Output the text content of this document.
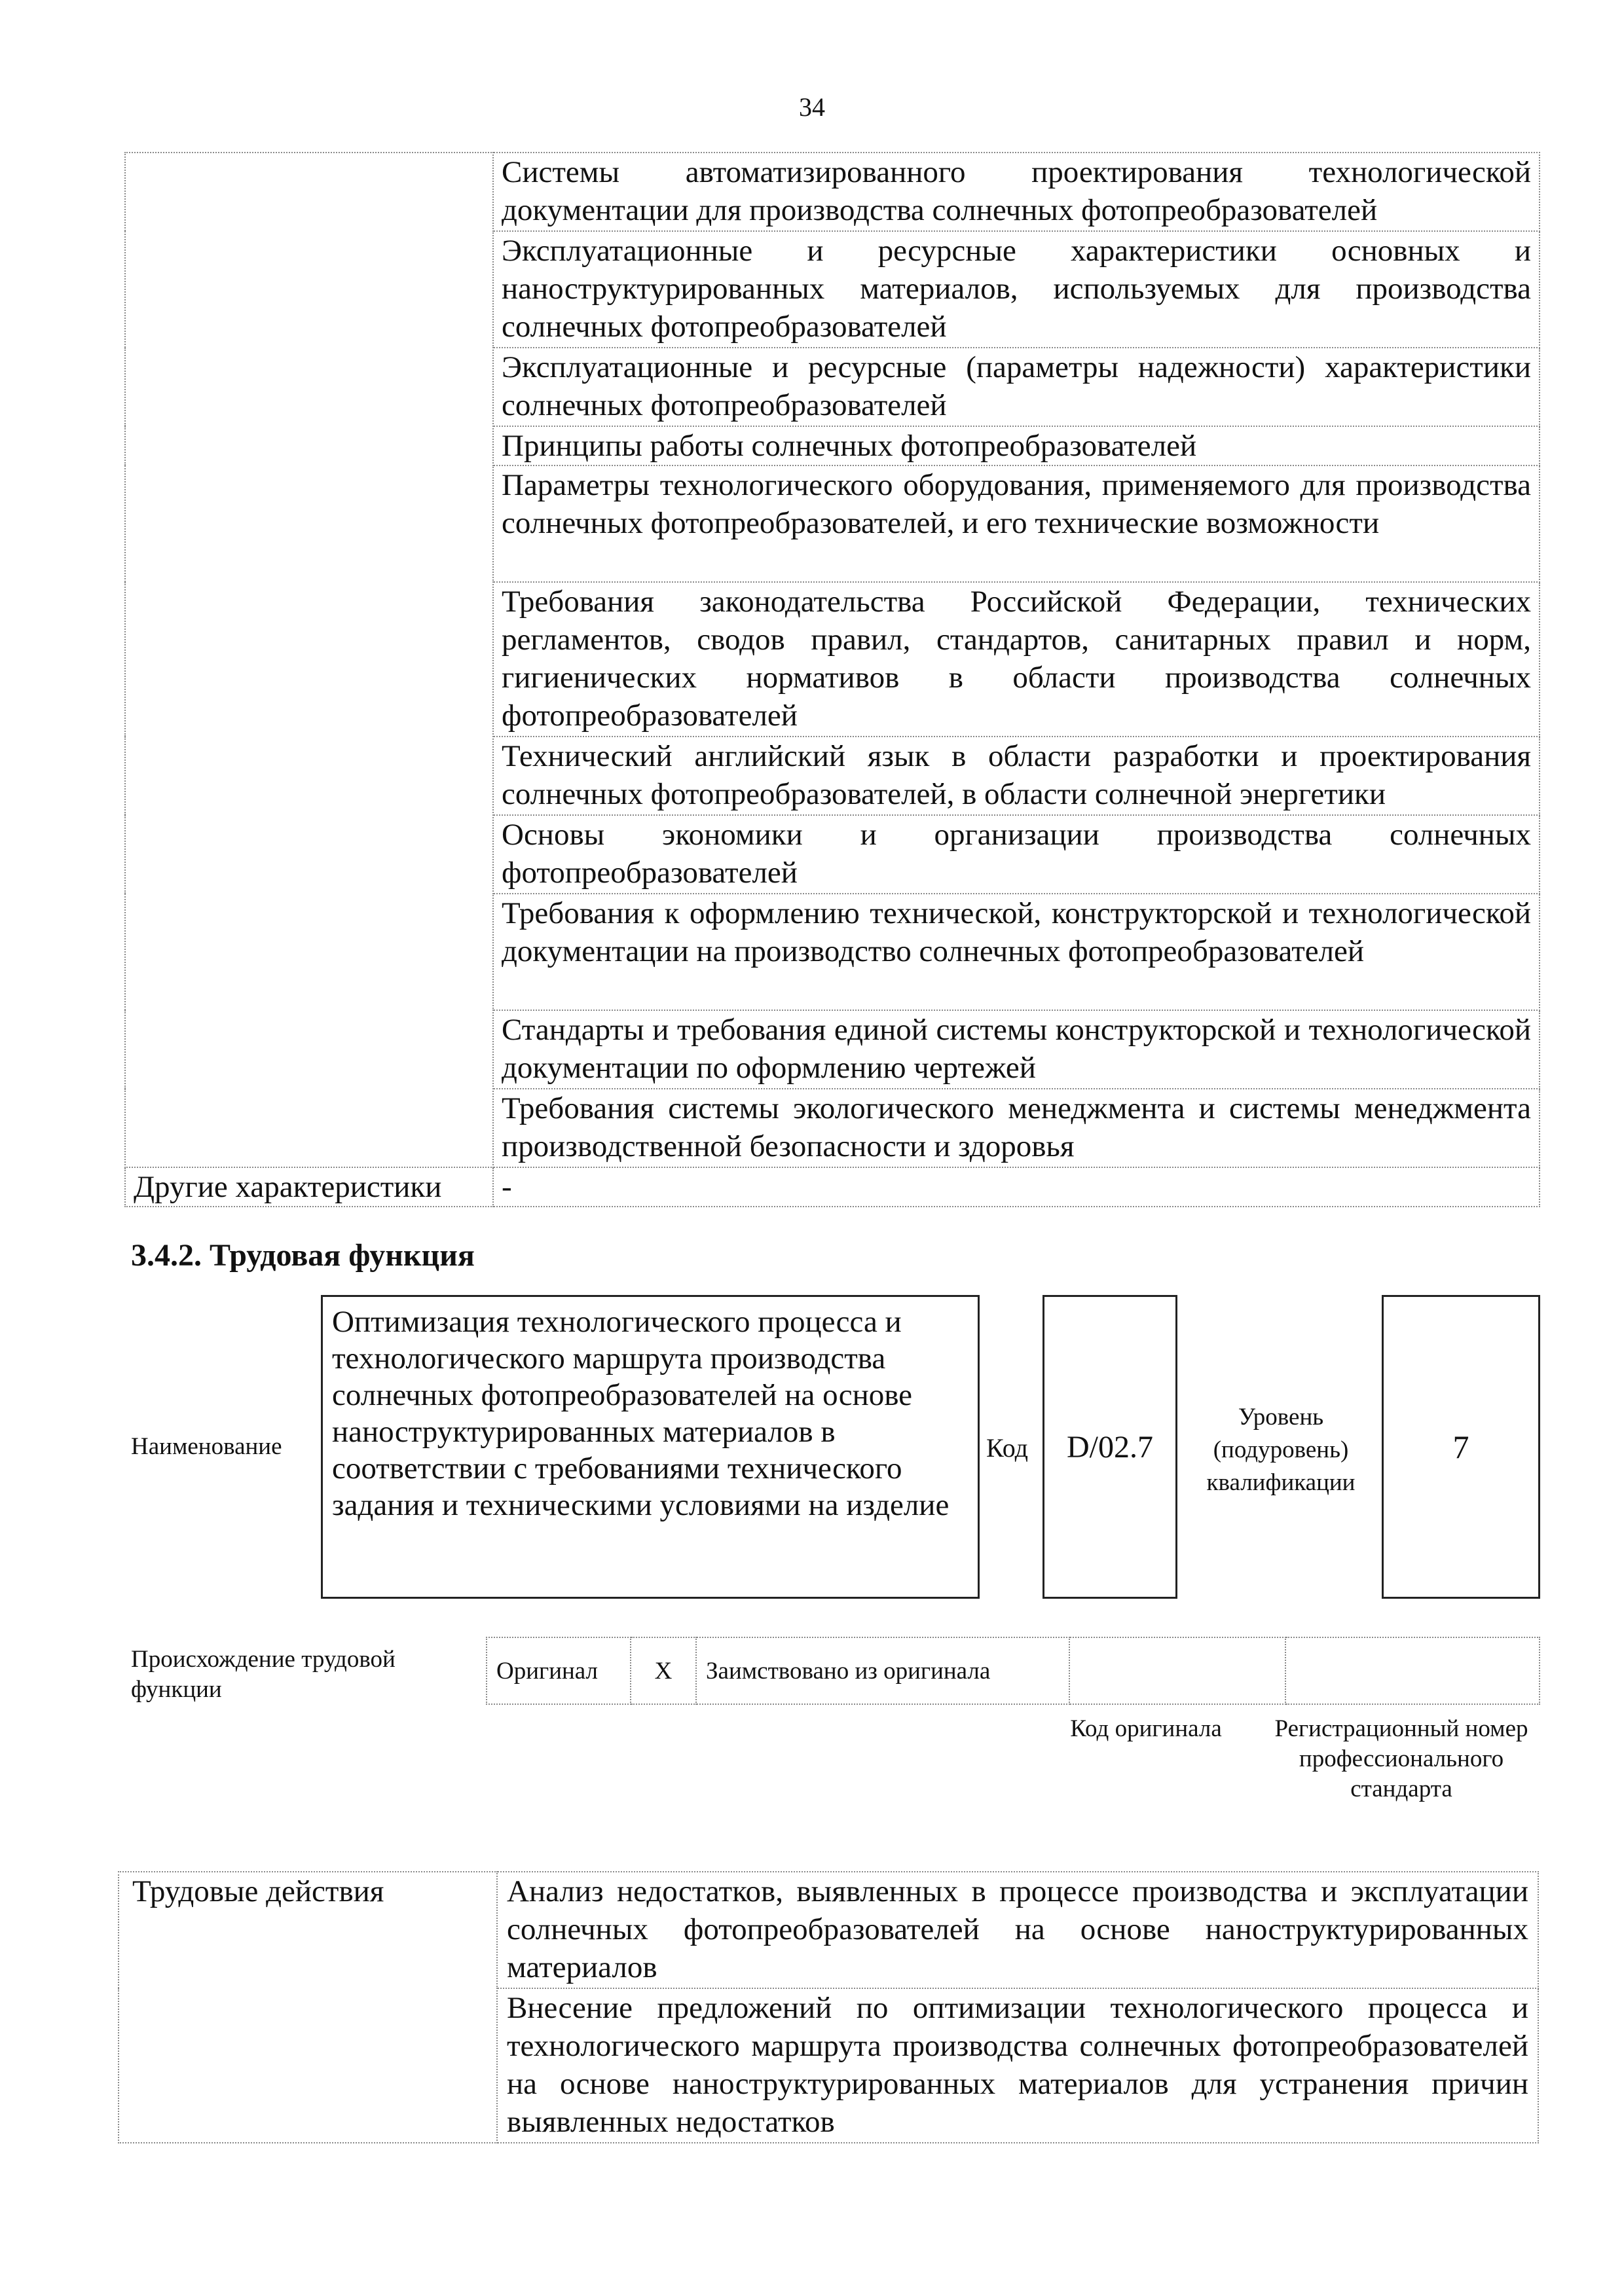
34
	Системы автоматизированного проектирования технологической документации для производства солнечных фотопреобразователей
	Эксплуатационные и ресурсные характеристики основных и наноструктурированных материалов, используемых для производства солнечных фотопреобразователей
	Эксплуатационные и ресурсные (параметры надежности) характеристики солнечных фотопреобразователей
	Принципы работы солнечных фотопреобразователей
	Параметры технологического оборудования, применяемого для производства солнечных фотопреобразователей, и его технические возможности
	Требования законодательства Российской Федерации, технических регламентов, сводов правил, стандартов, санитарных правил и норм, гигиенических нормативов в области производства солнечных фотопреобразователей
	Технический английский язык в области разработки и проектирования солнечных фотопреобразователей, в области солнечной энергетики
	Основы экономики и организации производства солнечных фотопреобразователей
	Требования к оформлению технической, конструкторской и технологической документации на производство солнечных фотопреобразователей
	Стандарты и требования единой системы конструкторской и технологической документации по оформлению чертежей
	Требования системы экологического менеджмента и системы менеджмента производственной безопасности и здоровья
Другие характеристики	-
3.4.2. Трудовая функция
Наименование
Оптимизация технологического процесса и технологического маршрута производства солнечных фотопреобразователей на основе наноструктурированных материалов в соответствии с требованиями технического задания и техническими условиями на изделие
Код	D/02.7
Уровень (подуровень) квалификации
7
Происхождение трудовой функции
Оригинал	X	Заимствовано из оригинала		
Код оригинала	Регистрационный номер профессионального стандарта
Трудовые действия	Анализ недостатков, выявленных в процессе производства и эксплуатации солнечных фотопреобразователей на основе наноструктурированных материалов
Внесение предложений по оптимизации технологического процесса и технологического маршрута производства солнечных фотопреобразователей на основе наноструктурированных материалов для устранения причин выявленных недостатков
